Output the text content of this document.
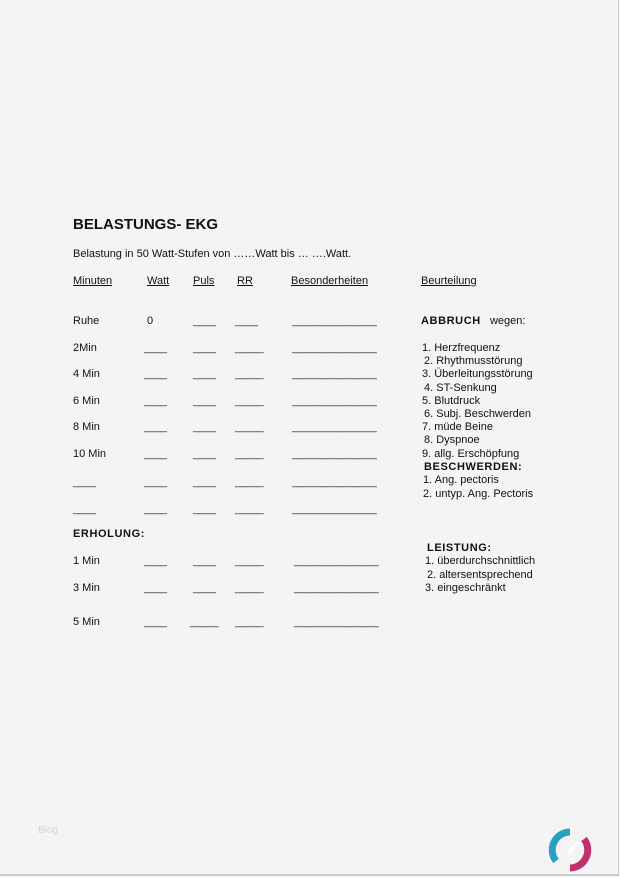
BELASTUNGS- EKG
Belastung in 50 Watt-Stufen von ……Watt bis … ….Watt.
Minuten	Watt Puls RR	Besonderheiten	Beurteilung
Ruhe	0	____ ____	_______________
2Min	____ ____ _____	_______________
4 Min	____ ____ _____	_______________
6 Min	____ ____ _____	_______________
8 Min	____ ____ _____	_______________
10 Min	____ ____ _____	_______________
____	____ ____ _____	_______________
____	____ ____ _____	_______________
1 Min	____ ____ _____	_______________
3 Min	____ ____ _____	_______________
5 Min	____ _____ _____	_______________
ERHOLUNG:
ABBRUCH wegen:
1. Herzfrequenz
2. Rhythmusstörung
3. Überleitungsstörung
4. ST-Senkung
5. Blutdruck
6. Subj. Beschwerden
7. müde Beine
8. Dyspnoe
9. allg. Erschöpfung
BESCHWERDEN:
1. Ang. pectoris
2. untyp. Ang. Pectoris
LEISTUNG:
1. überdurchschnittlich
2. altersentsprechend
3. eingeschränkt
Blog
